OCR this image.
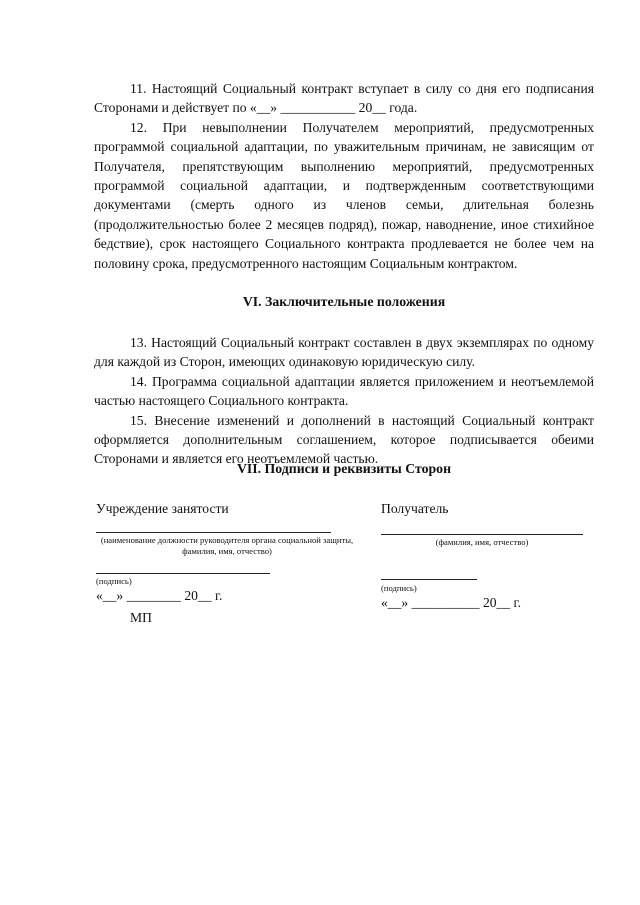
11. Настоящий Социальный контракт вступает в силу со дня его подписания Сторонами и действует по «__» ___________ 20__ года.

12. При невыполнении Получателем мероприятий, предусмотренных программой социальной адаптации, по уважительным причинам, не зависящим от Получателя, препятствующим выполнению мероприятий, предусмотренных программой социальной адаптации, и подтвержденным соответствующими документами (смерть одного из членов семьи, длительная болезнь (продолжительностью более 2 месяцев подряд), пожар, наводнение, иное стихийное бедствие), срок настоящего Социального контракта продлевается не более чем на половину срока, предусмотренного настоящим Социальным контрактом.

VI. Заключительные положения

13. Настоящий Социальный контракт составлен в двух экземплярах по одному для каждой из Сторон, имеющих одинаковую юридическую силу.

14. Программа социальной адаптации является приложением и неотъемлемой частью настоящего Социального контракта.

15. Внесение изменений и дополнений в настоящий Социальный контракт оформляется дополнительным соглашением, которое подписывается обеими Сторонами и является его неотъемлемой частью.

VII. Подписи и реквизиты Сторон
Учреждение занятости
(наименование должности руководителя органа социальной защиты, фамилия, имя, отчество)
(подпись)
«__» ________ 20__ г.
МП
Получатель
(фамилия, имя, отчество)
(подпись)
«__» __________ 20__ г.
